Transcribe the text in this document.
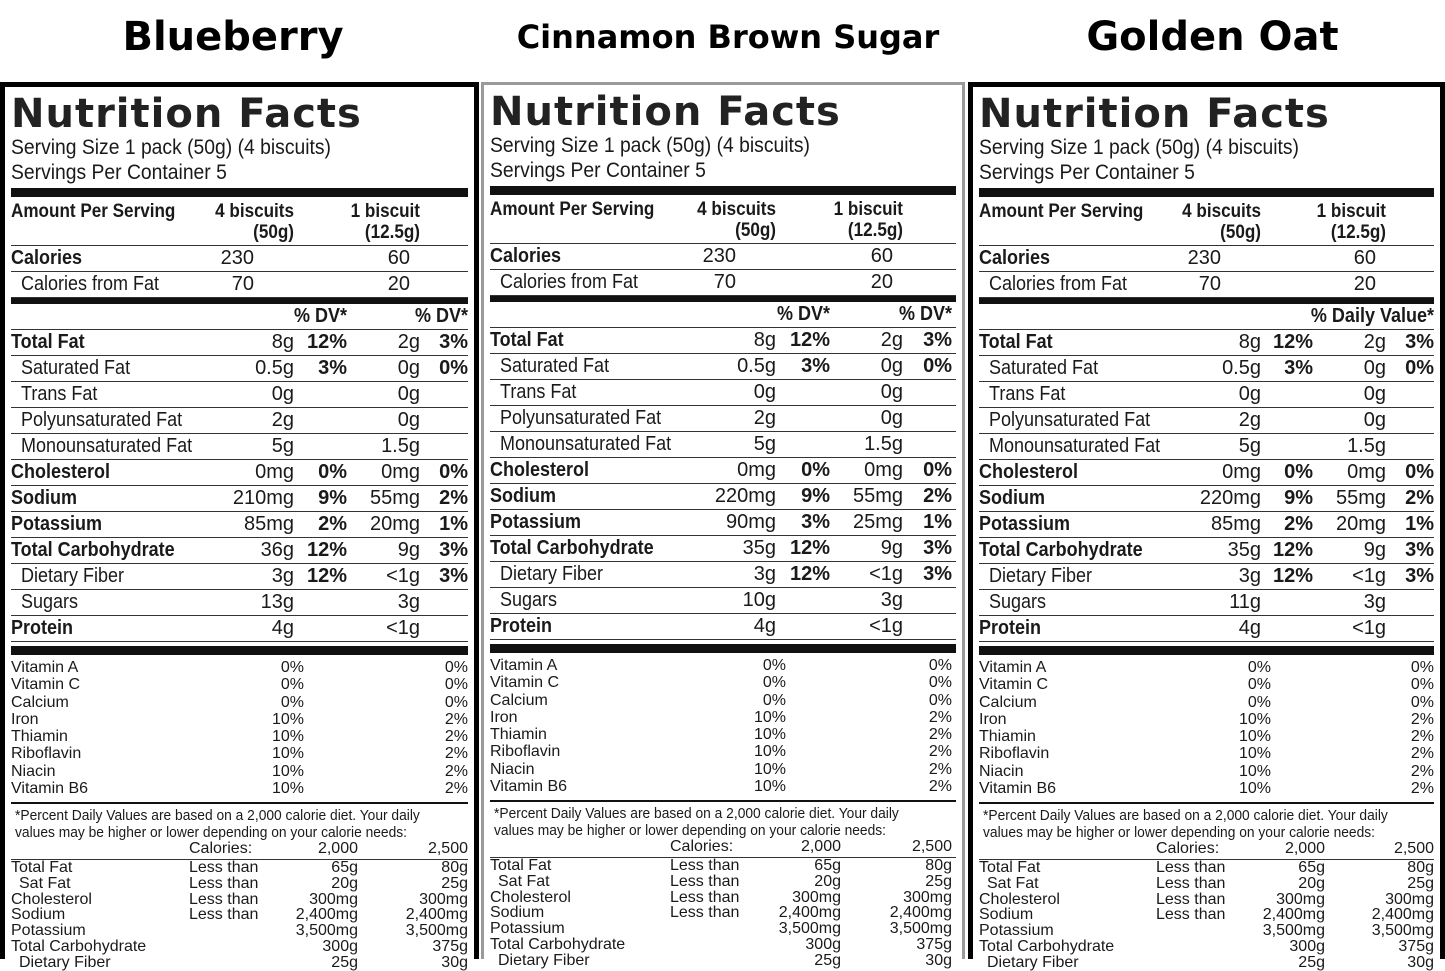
Blueberry	Cinnamon Brown Sugar	Golden Oat
Nutrition Facts
Serving Size 1 pack (50g) (4 biscuits)
Servings Per Container 5
Amount Per Serving	4 biscuits
(50g)
1 biscuit
(12.5g)
Calories	230	60
Calories from Fat	70	20
% DV*	% DV*
Total Fat	8g 12%	2g 3%
Saturated Fat	0.5g	3%	0g 0%
Trans Fat	0g	0g
Polyunsaturated Fat	2g	0g
Monounsaturated Fat	5g	1.5g
Cholesterol	0mg	0%	0mg 0%
Sodium	210mg	9%	55mg 2%
Potassium	85mg	2%	20mg 1%
Total Carbohydrate	36g 12%	9g 3%
Dietary Fiber	3g 12%	<1g 3%
Sugars	13g	3g
Protein	4g	<1g
Vitamin A	0%	0%
Vitamin C	0%	0%
Calcium	0%	0%
Iron	10%	2%
Thiamin	10%	2%
Riboflavin	10%	2%
Niacin	10%	2%
Vitamin B6	10%	2%
*Percent Daily Values are based on a 2,000 calorie diet. Your daily
values may be higher or lower depending on your calorie needs:
Calories:	2,000	2,500
Total Fat	Less than	65g	80g
Sat Fat	Less than	20g	25g
Cholesterol	Less than	300mg	300mg
Sodium	Less than	2,400mg	2,400mg
Potassium	3,500mg	3,500mg
Total Carbohydrate	300g	375g
Dietary Fiber	25g	30g
Nutrition Facts
Serving Size 1 pack (50g) (4 biscuits)
Servings Per Container 5
Amount Per Serving	4 biscuits
(50g)
1 biscuit
(12.5g)
Calories	230	60
Calories from Fat	70	20
% DV*	% DV*
Total Fat	8g 12%	2g	3%
Saturated Fat	0.5g	3%	0g	0%
Trans Fat	0g	0g
Polyunsaturated Fat	2g	0g
Monounsaturated Fat	5g	1.5g
Cholesterol	0mg	0%	0mg	0%
Sodium	220mg	9%	55mg	2%
Potassium	90mg	3%	25mg	1%
Total Carbohydrate	35g 12%	9g	3%
Dietary Fiber	3g 12%	<1g	3%
Sugars	10g	3g
Protein	4g	<1g
Vitamin A	0%	0%
Vitamin C	0%	0%
Calcium	0%	0%
Iron	10%	2%
Thiamin	10%	2%
Riboflavin	10%	2%
Niacin	10%	2%
Vitamin B6	10%	2%
*Percent Daily Values are based on a 2,000 calorie diet. Your daily
values may be higher or lower depending on your calorie needs:
Calories:	2,000	2,500
Total Fat	Less than	65g	80g
Sat Fat	Less than	20g	25g
Cholesterol	Less than	300mg	300mg
Sodium	Less than	2,400mg	2,400mg
Potassium	3,500mg	3,500mg
Total Carbohydrate	300g	375g
Dietary Fiber	25g	30g
Nutrition Facts
Serving Size 1 pack (50g) (4 biscuits)
Servings Per Container 5
Amount Per Serving	4 biscuits
(50g)
1 biscuit
(12.5g)
Calories	230	60
Calories from Fat	70	20
% Daily Value*
Total Fat	8g 12%	2g 3%
Saturated Fat	0.5g	3%	0g 0%
Trans Fat	0g	0g
Polyunsaturated Fat	2g	0g
Monounsaturated Fat	5g	1.5g
Cholesterol	0mg	0%	0mg 0%
Sodium	220mg	9%	55mg 2%
Potassium	85mg	2%	20mg 1%
Total Carbohydrate	35g 12%	9g 3%
Dietary Fiber	3g 12%	<1g 3%
Sugars	11g	3g
Protein	4g	<1g
Vitamin A	0%	0%
Vitamin C	0%	0%
Calcium	0%	0%
Iron	10%	2%
Thiamin	10%	2%
Riboflavin	10%	2%
Niacin	10%	2%
Vitamin B6	10%	2%
*Percent Daily Values are based on a 2,000 calorie diet. Your daily
values may be higher or lower depending on your calorie needs:
Calories:	2,000	2,500
Total Fat	Less than	65g	80g
Sat Fat	Less than	20g	25g
Cholesterol	Less than	300mg	300mg
Sodium	Less than	2,400mg	2,400mg
Potassium	3,500mg	3,500mg
Total Carbohydrate	300g	375g
Dietary Fiber	25g	30g
